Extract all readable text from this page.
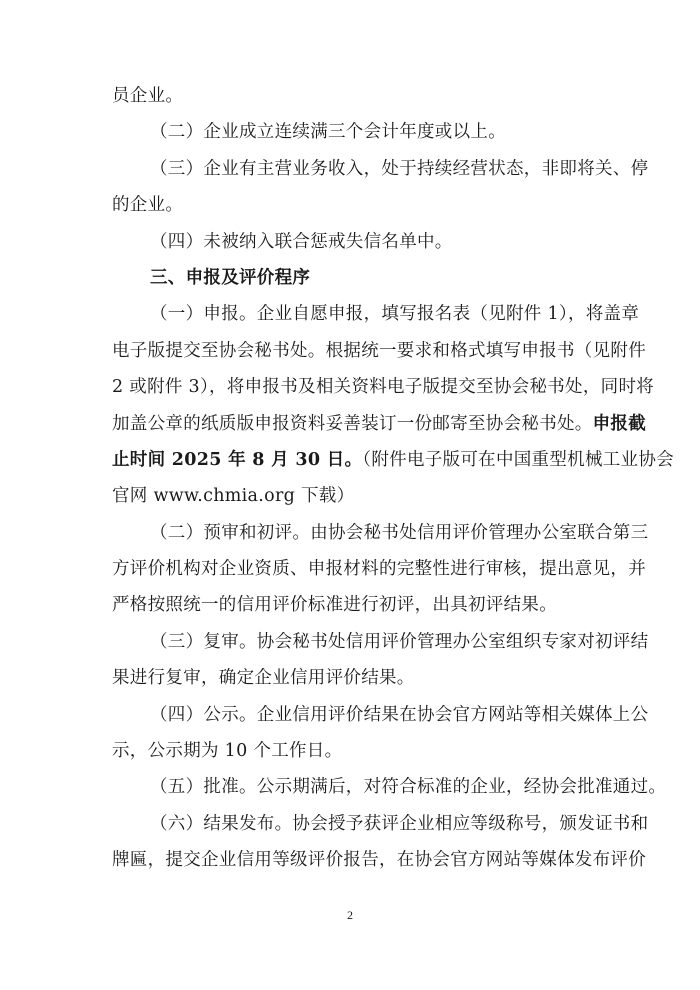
员企业。
（二）企业成立连续满三个会计年度或以上。
（三）企业有主营业务收入，处于持续经营状态，非即将关、停
的企业。
（四）未被纳入联合惩戒失信名单中。
三、申报及评价程序
（一）申报。企业自愿申报，填写报名表（见附件 1），将盖章
电子版提交至协会秘书处。根据统一要求和格式填写申报书（见附件
2 或附件 3），将申报书及相关资料电子版提交至协会秘书处，同时将
加盖公章的纸质版申报资料妥善装订一份邮寄至协会秘书处。申报截
止时间 2025 年 8 月 30 日。（附件电子版可在中国重型机械工业协会
官网 www.chmia.org 下载）
（二）预审和初评。由协会秘书处信用评价管理办公室联合第三
方评价机构对企业资质、申报材料的完整性进行审核，提出意见，并
严格按照统一的信用评价标准进行初评，出具初评结果。
（三）复审。协会秘书处信用评价管理办公室组织专家对初评结
果进行复审，确定企业信用评价结果。
（四）公示。企业信用评价结果在协会官方网站等相关媒体上公
示，公示期为 10 个工作日。
（五）批准。公示期满后，对符合标准的企业，经协会批准通过。
（六）结果发布。协会授予获评企业相应等级称号，颁发证书和
牌匾，提交企业信用等级评价报告，在协会官方网站等媒体发布评价
2
